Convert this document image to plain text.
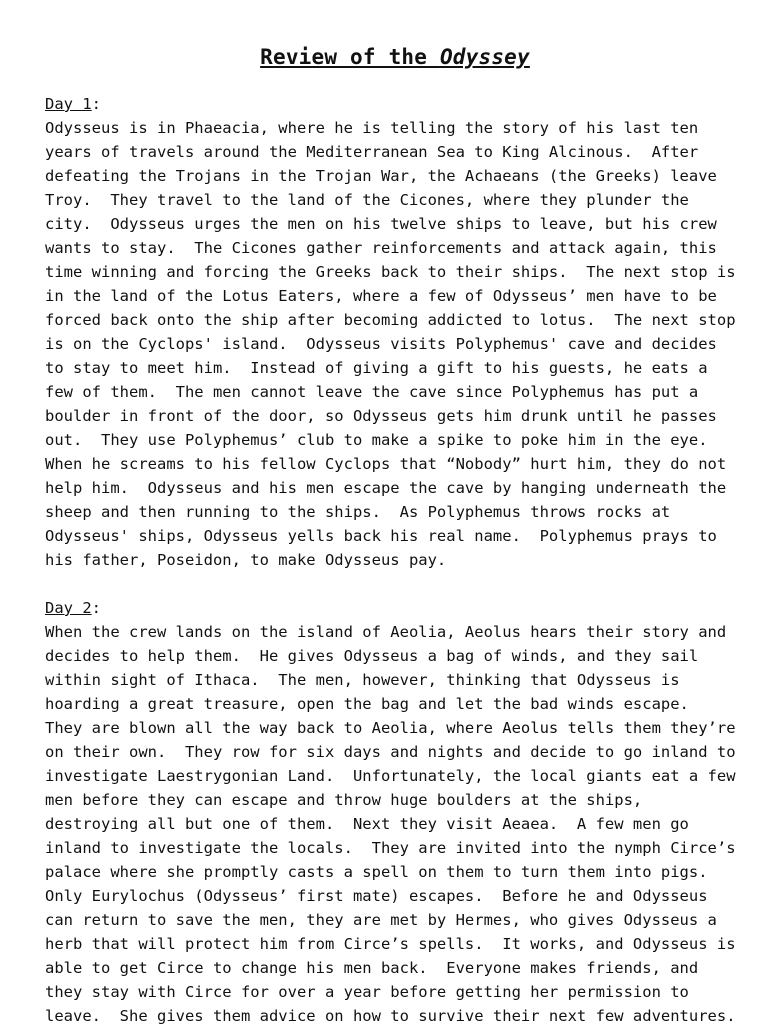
Review of the Odyssey

Day 1:

Odysseus is in Phaeacia, where he is telling the story of his last ten
years of travels around the Mediterranean Sea to King Alcinous.  After
defeating the Trojans in the Trojan War, the Achaeans (the Greeks) leave
Troy.  They travel to the land of the Cicones, where they plunder the
city.  Odysseus urges the men on his twelve ships to leave, but his crew
wants to stay.  The Cicones gather reinforcements and attack again, this
time winning and forcing the Greeks back to their ships.  The next stop is
in the land of the Lotus Eaters, where a few of Odysseus’ men have to be
forced back onto the ship after becoming addicted to lotus.  The next stop
is on the Cyclops' island.  Odysseus visits Polyphemus' cave and decides
to stay to meet him.  Instead of giving a gift to his guests, he eats a
few of them.  The men cannot leave the cave since Polyphemus has put a
boulder in front of the door, so Odysseus gets him drunk until he passes
out.  They use Polyphemus’ club to make a spike to poke him in the eye.
When he screams to his fellow Cyclops that “Nobody” hurt him, they do not
help him.  Odysseus and his men escape the cave by hanging underneath the
sheep and then running to the ships.  As Polyphemus throws rocks at
Odysseus' ships, Odysseus yells back his real name.  Polyphemus prays to
his father, Poseidon, to make Odysseus pay.

Day 2:

When the crew lands on the island of Aeolia, Aeolus hears their story and
decides to help them.  He gives Odysseus a bag of winds, and they sail
within sight of Ithaca.  The men, however, thinking that Odysseus is
hoarding a great treasure, open the bag and let the bad winds escape.
They are blown all the way back to Aeolia, where Aeolus tells them they’re
on their own.  They row for six days and nights and decide to go inland to
investigate Laestrygonian Land.  Unfortunately, the local giants eat a few
men before they can escape and throw huge boulders at the ships,
destroying all but one of them.  Next they visit Aeaea.  A few men go
inland to investigate the locals.  They are invited into the nymph Circe’s
palace where she promptly casts a spell on them to turn them into pigs.
Only Eurylochus (Odysseus’ first mate) escapes.  Before he and Odysseus
can return to save the men, they are met by Hermes, who gives Odysseus a
herb that will protect him from Circe’s spells.  It works, and Odysseus is
able to get Circe to change his men back.  Everyone makes friends, and
they stay with Circe for over a year before getting her permission to
leave.  She gives them advice on how to survive their next few adventures.
